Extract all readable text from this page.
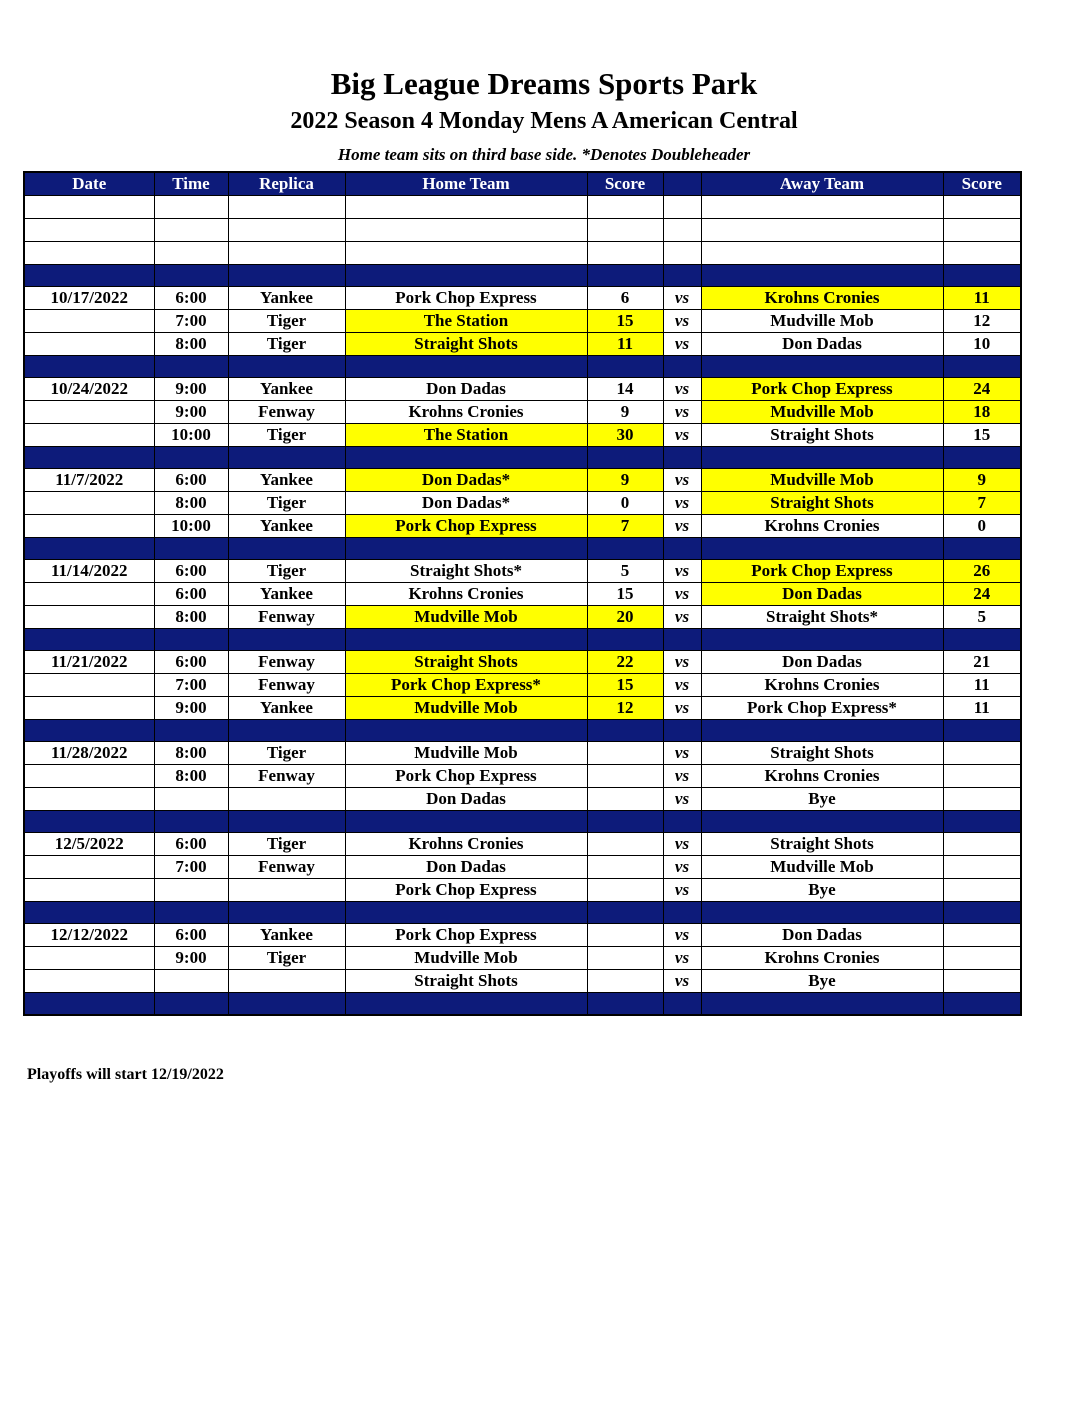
Big League Dreams Sports Park
2022 Season 4 Monday Mens A American Central
Home team sits on third base side. *Denotes Doubleheader
Date	Time	Replica	Home Team	Score		Away Team	Score

10/17/2022	6:00	Yankee	Pork Chop Express	6	vs	Krohns Cronies	11
	7:00	Tiger	The Station	15	vs	Mudville Mob	12
	8:00	Tiger	Straight Shots	11	vs	Don Dadas	10

10/24/2022	9:00	Yankee	Don Dadas	14	vs	Pork Chop Express	24
	9:00	Fenway	Krohns Cronies	9	vs	Mudville Mob	18
	10:00	Tiger	The Station	30	vs	Straight Shots	15

11/7/2022	6:00	Yankee	Don Dadas*	9	vs	Mudville Mob	9
	8:00	Tiger	Don Dadas*	0	vs	Straight Shots	7
	10:00	Yankee	Pork Chop Express	7	vs	Krohns Cronies	0

11/14/2022	6:00	Tiger	Straight Shots*	5	vs	Pork Chop Express	26
	6:00	Yankee	Krohns Cronies	15	vs	Don Dadas	24
	8:00	Fenway	Mudville Mob	20	vs	Straight Shots*	5

11/21/2022	6:00	Fenway	Straight Shots	22	vs	Don Dadas	21
	7:00	Fenway	Pork Chop Express*	15	vs	Krohns Cronies	11
	9:00	Yankee	Mudville Mob	12	vs	Pork Chop Express*	11

11/28/2022	8:00	Tiger	Mudville Mob		vs	Straight Shots	
	8:00	Fenway	Pork Chop Express		vs	Krohns Cronies	
			Don Dadas		vs	Bye	

12/5/2022	6:00	Tiger	Krohns Cronies		vs	Straight Shots	
	7:00	Fenway	Don Dadas		vs	Mudville Mob	
			Pork Chop Express		vs	Bye	

12/12/2022	6:00	Yankee	Pork Chop Express		vs	Don Dadas	
	9:00	Tiger	Mudville Mob		vs	Krohns Cronies	
			Straight Shots		vs	Bye	

Playoffs will start 12/19/2022
